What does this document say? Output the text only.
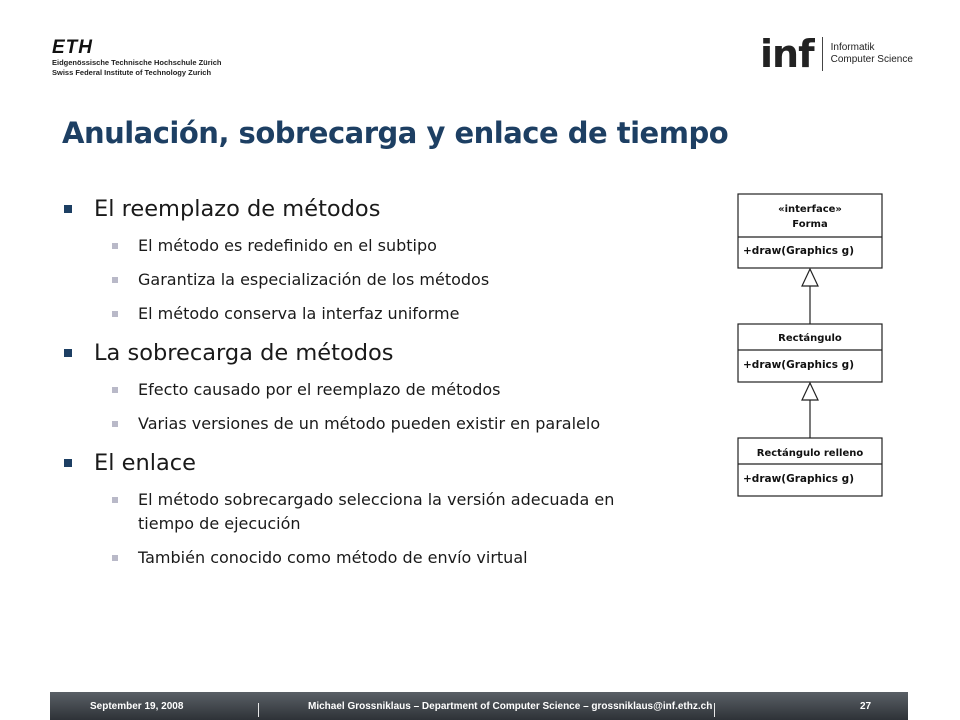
ETH
Eidgenössische Technische Hochschule Zürich
Swiss Federal Institute of Technology Zurich	inf Informatik
Computer Science
Anulación, sobrecarga y enlace de tiempo
El reemplazo de métodos
El método es redefinido en el subtipo
Garantiza la especialización de los métodos
El método conserva la interfaz uniforme
La sobrecarga de métodos
Efecto causado por el reemplazo de métodos
Varias versiones de un método pueden existir en paralelo
El enlace
El método sobrecargado selecciona la versión adecuada en tiempo de ejecución
También conocido como método de envío virtual
«interface»
Forma
+draw(Graphics g)
Rectángulo
+draw(Graphics g)
Rectángulo relleno
+draw(Graphics g)
September 19, 2008	Michael Grossniklaus – Department of Computer Science – grossniklaus@inf.ethz.ch	27
